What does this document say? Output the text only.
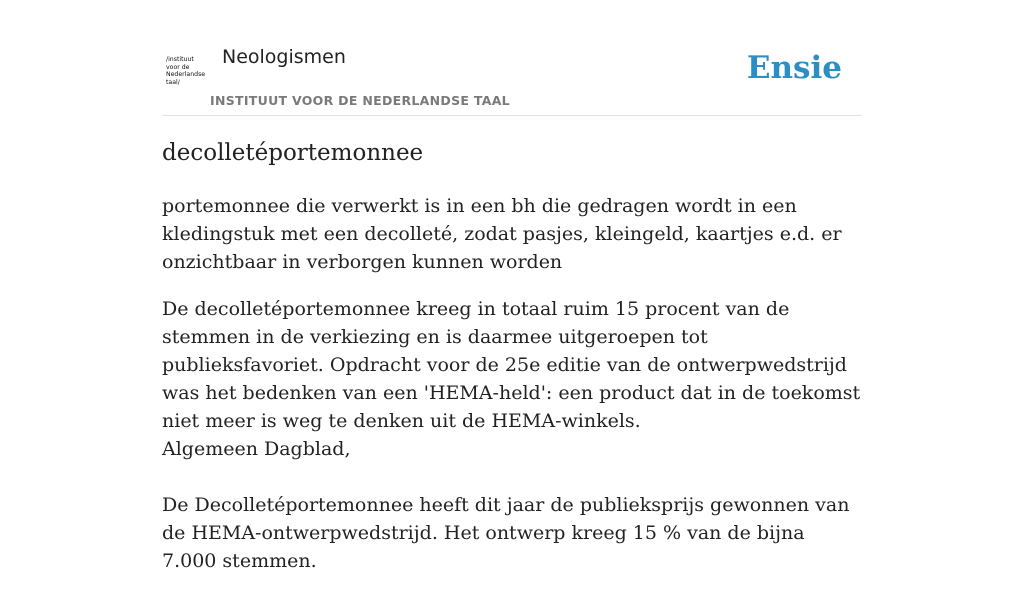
/instituut
voor de
Nederlandse
taal/
Neologismen
INSTITUUT VOOR DE NEDERLANDSE TAAL
Ensie
decolletéportemonnee

portemonnee die verwerkt is in een bh die gedragen wordt in een kledingstuk met een decolleté, zodat pasjes, kleingeld, kaartjes e.d. er onzichtbaar in verborgen kunnen worden

De decolletéportemonnee kreeg in totaal ruim 15 procent van de stemmen in de verkiezing en is daarmee uitgeroepen tot publieksfavoriet. Opdracht voor de 25e editie van de ontwerpwedstrijd was het bedenken van een 'HEMA-held': een product dat in de toekomst niet meer is weg te denken uit de HEMA-winkels.
Algemeen Dagblad,

De Decolletéportemonnee heeft dit jaar de publieksprijs gewonnen van de HEMA-ontwerpwedstrijd. Het ontwerp kreeg 15 % van de bijna 7.000 stemmen.
